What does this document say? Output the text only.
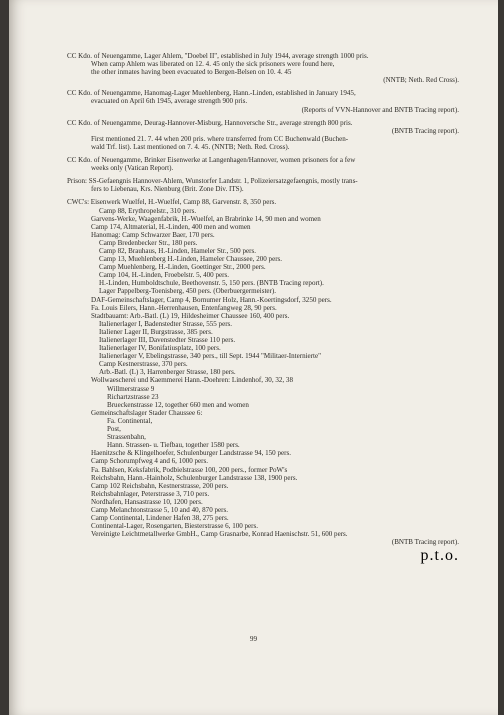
CC Kdo. of Neuengamme, Lager Ahlem, "Doebel II", established in July 1944, average strength 1000 pris.
When camp Ahlem was liberated on 12. 4. 45 only the sick prisoners were found here,
the other inmates having been evacuated to Bergen-Belsen on 10. 4. 45
(NNTB; Neth. Red Cross).
CC Kdo. of Neuengamme, Hanomag-Lager Muehlenberg, Hann.-Linden, established in January 1945,
evacuated on April 6th 1945, average strength 900 pris.
(Reports of VVN-Hannover and BNTB Tracing report).
CC Kdo. of Neuengamme, Deurag-Hannover-Misburg, Hannoversche Str., average strength 800 pris.
(BNTB Tracing report).
First mentioned 21. 7. 44 when 200 pris. where transferred from CC Buchenwald (Buchen-
wald Trf. list). Last mentioned on 7. 4. 45. (NNTB; Neth. Red. Cross).
CC Kdo. of Neuengamme, Brinker Eisenwerke at Langenhagen/Hannover, women prisoners for a few
weeks only (Vatican Report).
Prison: SS-Gefaengnis Hannover-Ahlem, Wunstorfer Landstr. 1, Polizeiersatzgefaengnis, mostly trans-
fers to Liebenau, Krs. Nienburg (Brit. Zone Div. ITS).
CWC's: Eisenwerk Wuelfel, H.-Wuelfel, Camp 88, Garvenstr. 8, 350 pers.
Camp 88, Erythropelstr., 310 pers.
Garvens-Werke, Waagenfabrik, H.-Wuelfel, an Brabrinke 14, 90 men and women
Camp 174, Altmaterial, H.-Linden, 400 men and women
Hanomag: Camp Schwarzer Baer, 170 pers.
Camp Bredenbecker Str., 180 pers.
Camp 82, Brauhaus, H.-Linden, Hameler Str., 500 pers.
Camp 13, Muehlenberg H.-Linden, Hameler Chaussee, 200 pers.
Camp Muehlenberg, H.-Linden, Goettinger Str., 2000 pers.
Camp 104, H.-Linden, Froebelstr. 5, 400 pers.
H.-Linden, Humboldtschule, Beethovenstr. 5, 150 pers. (BNTB Tracing report).
Lager Pappelberg-Toenisberg, 450 pers. (Oberbuergermeister).
DAF-Gemeinschaftslager, Camp 4, Bornumer Holz, Hann.-Koertingsdorf, 3250 pers.
Fa. Louis Eilers, Hann.-Herrenhausen, Entenfangweg 28, 90 pers.
Stadtbauamt: Arb.-Batl. (L) 19, Hildesheimer Chaussee 160, 400 pers.
Italienerlager I, Badenstedter Strasse, 555 pers.
Italiener Lager II, Burgstrasse, 385 pers.
Italienerlager III, Davenstedter Strasse 110 pers.
Italienerlager IV, Bonifatiusplatz, 100 pers.
Italienerlager V, Ebelingstrasse, 340 pers., till Sept. 1944 "Militaer-Internierte"
Camp Kestnerstrasse, 370 pers.
Arb.-Batl. (L) 3, Harrenberger Strasse, 180 pers.
Wollwaescherei und Kaemmerei Hann.-Doehren: Lindenhof, 30, 32, 38
Willmerstrasse 9
Richartzstrasse 23
Brueckenstrasse 12, together 660 men and women
Gemeinschaftslager Stader Chaussee 6:
Fa. Continental,
Post,
Strassenbahn,
Hann. Strassen- u. Tiefbau, together 1580 pers.
Haenitzsche & Klingelhoefer, Schulenburger Landstrasse 94, 150 pers.
Camp Schorumpfweg 4 and 6, 1000 pers.
Fa. Bahlsen, Keksfabrik, Podbielstrasse 100, 200 pers., former PoW's
Reichsbahn, Hann.-Hainholz, Schulenburger Landstrasse 138, 1900 pers.
Camp 102 Reichsbahn, Kestnerstrasse, 200 pers.
Reichsbahnlager, Peterstrasse 3, 710 pers.
Nordhafen, Hansastrasse 10, 1200 pers.
Camp Melanchtonstrasse 5, 10 and 40, 870 pers.
Camp Continental, Lindener Hafen 38, 275 pers.
Continental-Lager, Rosengarten, Biesterstrasse 6, 100 pers.
Vereinigte Leichtmetallwerke GmbH., Camp Grasnarbe, Konrad Haenischstr. 51, 600 pers.
(BNTB Tracing report).
p.t.o.
99
